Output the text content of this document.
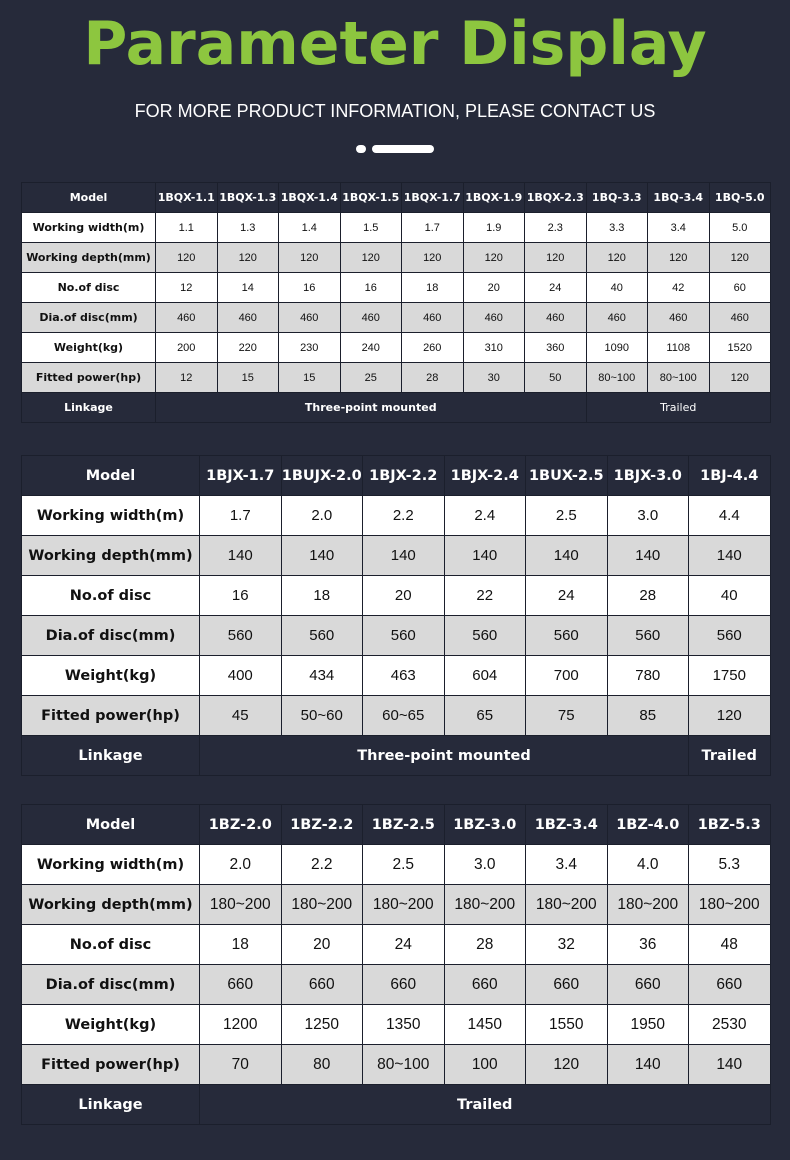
Parameter Display
FOR MORE PRODUCT INFORMATION, PLEASE CONTACT US
Model	1BQX-1.1	1BQX-1.3	1BQX-1.4	1BQX-1.5	1BQX-1.7	1BQX-1.9	1BQX-2.3	1BQ-3.3	1BQ-3.4	1BQ-5.0
Working width(m)	1.1	1.3	1.4	1.5	1.7	1.9	2.3	3.3	3.4	5.0
Working depth(mm)	120	120	120	120	120	120	120	120	120	120
No.of disc	12	14	16	16	18	20	24	40	42	60
Dia.of disc(mm)	460	460	460	460	460	460	460	460	460	460
Weight(kg)	200	220	230	240	260	310	360	1090	1108	1520
Fitted power(hp)	12	15	15	25	28	30	50	80~100	80~100	120
Linkage	Three-point mounted							Trailed		
Model	1BJX-1.7	1BUJX-2.0	1BJX-2.2	1BJX-2.4	1BUX-2.5	1BJX-3.0	1BJ-4.4
Working width(m)	1.7	2.0	2.2	2.4	2.5	3.0	4.4
Working depth(mm)	140	140	140	140	140	140	140
No.of disc	16	18	20	22	24	28	40
Dia.of disc(mm)	560	560	560	560	560	560	560
Weight(kg)	400	434	463	604	700	780	1750
Fitted power(hp)	45	50~60	60~65	65	75	85	120
Linkage	Three-point mounted						Trailed
Model	1BZ-2.0	1BZ-2.2	1BZ-2.5	1BZ-3.0	1BZ-3.4	1BZ-4.0	1BZ-5.3
Working width(m)	2.0	2.2	2.5	3.0	3.4	4.0	5.3
Working depth(mm)	180~200	180~200	180~200	180~200	180~200	180~200	180~200
No.of disc	18	20	24	28	32	36	48
Dia.of disc(mm)	660	660	660	660	660	660	660
Weight(kg)	1200	1250	1350	1450	1550	1950	2530
Fitted power(hp)	70	80	80~100	100	120	140	140
Linkage	Trailed						
